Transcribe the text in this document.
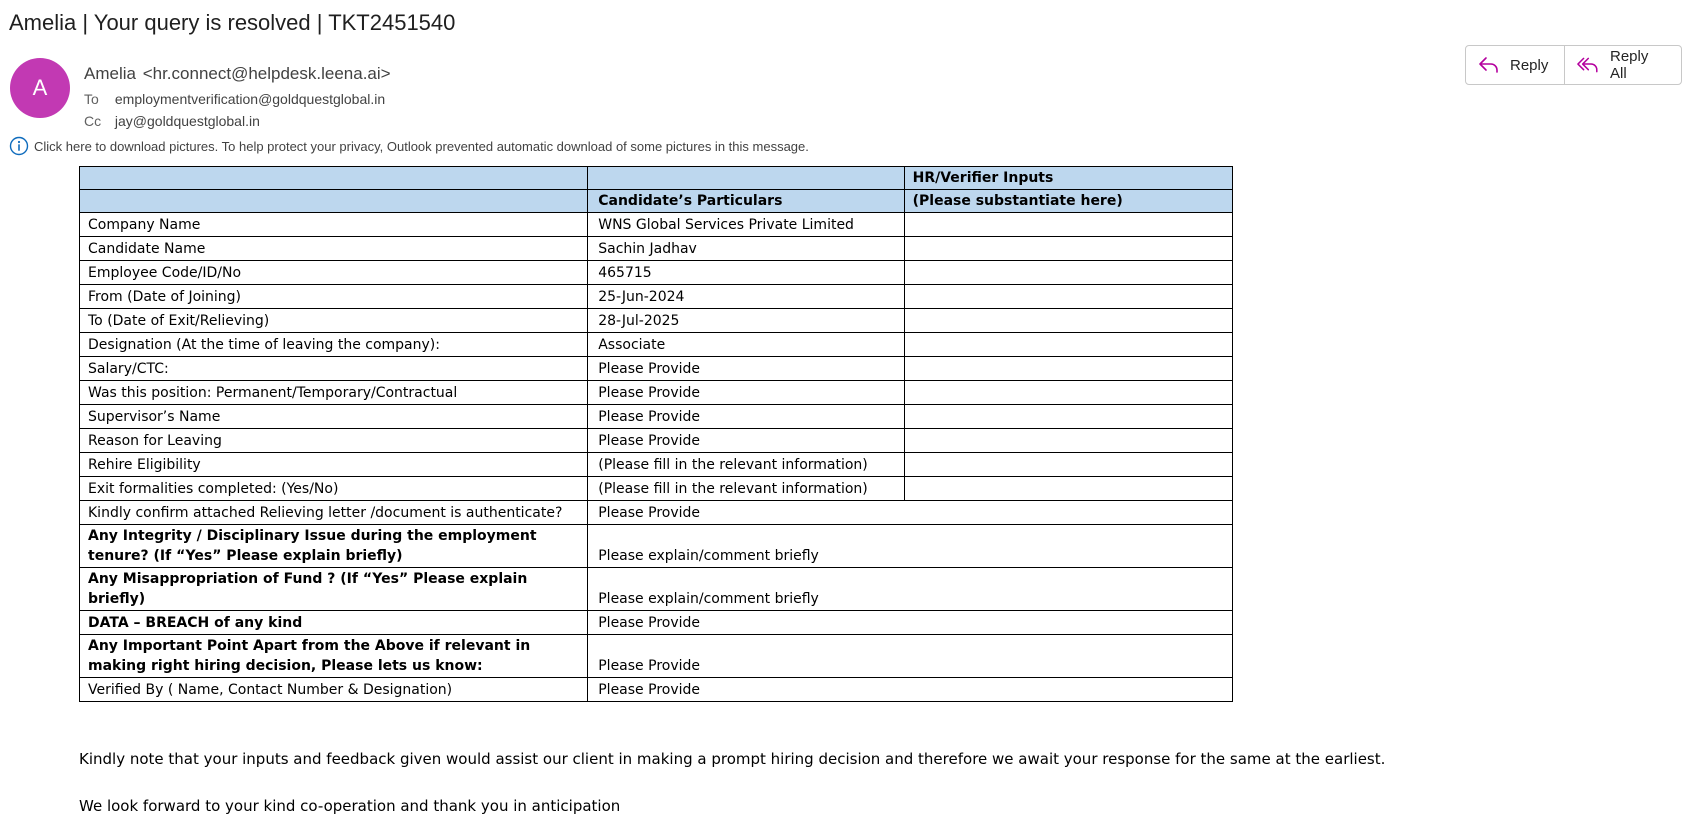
Amelia | Your query is resolved | TKT2451540
A
Amelia <hr.connect@helpdesk.leena.ai>
To employmentverification@goldquestglobal.in
Cc jay@goldquestglobal.in
Reply	Reply All
Click here to download pictures. To help protect your privacy, Outlook prevented automatic download of some pictures in this message.
		HR/Verifier Inputs
	Candidate’s Particulars	(Please substantiate here)
Company Name	WNS Global Services Private Limited	
Candidate Name	Sachin Jadhav	
Employee Code/ID/No	465715	
From (Date of Joining)	25-Jun-2024	
To (Date of Exit/Relieving)	28-Jul-2025	
Designation (At the time of leaving the company):	Associate	
Salary/CTC:	Please Provide	
Was this position: Permanent/Temporary/Contractual	Please Provide	
Supervisor’s Name	Please Provide	
Reason for Leaving	Please Provide	
Rehire Eligibility	(Please fill in the relevant information)	
Exit formalities completed: (Yes/No)	(Please fill in the relevant information)	
Kindly confirm attached Relieving letter /document is authenticate?	Please Provide	
Any Integrity / Disciplinary Issue during the employment tenure? (If “Yes” Please explain briefly)	Please explain/comment briefly	
Any Misappropriation of Fund ? (If “Yes” Please explain briefly)	Please explain/comment briefly	
DATA – BREACH of any kind	Please Provide	
Any Important Point Apart from the Above if relevant in making right hiring decision, Please lets us know:	Please Provide	
Verified By ( Name, Contact Number & Designation)	Please Provide	
Kindly note that your inputs and feedback given would assist our client in making a prompt hiring decision and therefore we await your response for the same at the earliest.
We look forward to your kind co-operation and thank you in anticipation
